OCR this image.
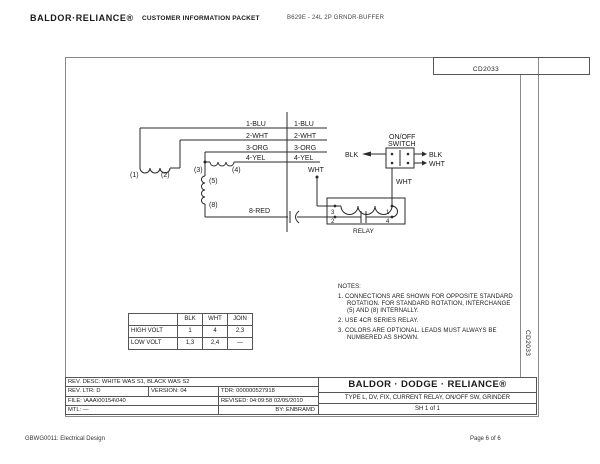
BALDOR·RELIANCE® CUSTOMER INFORMATION PACKET	B629E - 24L 2P GRNDR-BUFFER
CD2033
CD2033
1-BLU	1-BLU
2-WHT	2-WHT
3-ORG	3-ORG
4-YEL	4-YEL
(1)	(2)
(3)	(4)
(5)
(8)
8-RED
WHT
ON/OFF
SWITCH
BLK	BLK
WHT
WHT
3	1
2	4
RELAY
NOTES:
1. CONNECTIONS ARE SHOWN FOR OPPOSITE STANDARD
ROTATION. FOR STANDARD ROTATION, INTERCHANGE
(5) AND (8) INTERNALLY.
2. USE 4CR SERIES RELAY.
3. COLORS ARE OPTIONAL. LEADS MUST ALWAYS BE
NUMBERED AS SHOWN.
	BLK	WHT	JOIN
HIGH VOLT	1	4	2,3
LOW VOLT	1,3	2,4	—
REV. DESC: WHITE WAS S1, BLACK WAS S2
REV. LTR: D	VERSION: 04	TDR: 000000527918
FILE: \AAA\00154\040	REVISED: 04:09:58 02/05/2010
MTL: —	BY: ENBRAMD
BALDOR · DODGE · RELIANCE®
TYPE L, DV, FIX, CURRENT RELAY, ON/OFF SW, GRINDER
SH 1 of 1
GBWG0011: Electrical Design	Page 6 of 6
